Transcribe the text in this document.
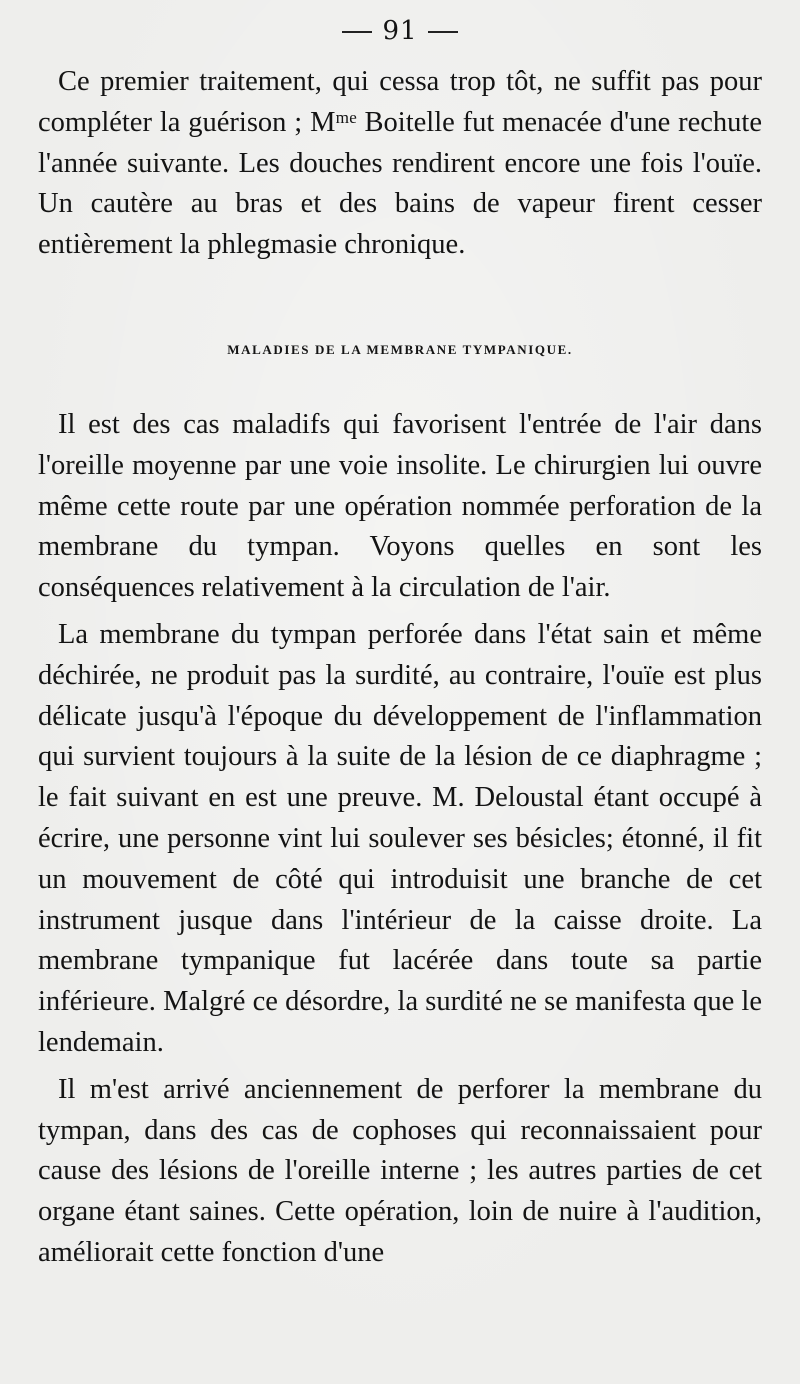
91

Ce premier traitement, qui cessa trop tôt, ne suffit pas pour compléter la guérison ; Mᵐᵉ Boitelle fut menacée d'une rechute l'année suivante. Les douches rendirent encore une fois l'ouïe. Un cautère au bras et des bains de vapeur firent cesser entièrement la phlegmasie chronique.

MALADIES DE LA MEMBRANE TYMPANIQUE.

Il est des cas maladifs qui favorisent l'entrée de l'air dans l'oreille moyenne par une voie insolite. Le chirurgien lui ouvre même cette route par une opération nommée perforation de la membrane du tympan. Voyons quelles en sont les conséquences relativement à la circulation de l'air.

La membrane du tympan perforée dans l'état sain et même déchirée, ne produit pas la surdité, au contraire, l'ouïe est plus délicate jusqu'à l'époque du développement de l'inflammation qui survient toujours à la suite de la lésion de ce diaphragme ; le fait suivant en est une preuve. M. Deloustal étant occupé à écrire, une personne vint lui soulever ses bésicles; étonné, il fit un mouvement de côté qui introduisit une branche de cet instrument jusque dans l'intérieur de la caisse droite. La membrane tympanique fut lacérée dans toute sa partie inférieure. Malgré ce désordre, la surdité ne se manifesta que le lendemain.

Il m'est arrivé anciennement de perforer la membrane du tympan, dans des cas de cophoses qui reconnaissaient pour cause des lésions de l'oreille interne ; les autres parties de cet organe étant saines. Cette opération, loin de nuire à l'audition, améliorait cette fonction d'une
